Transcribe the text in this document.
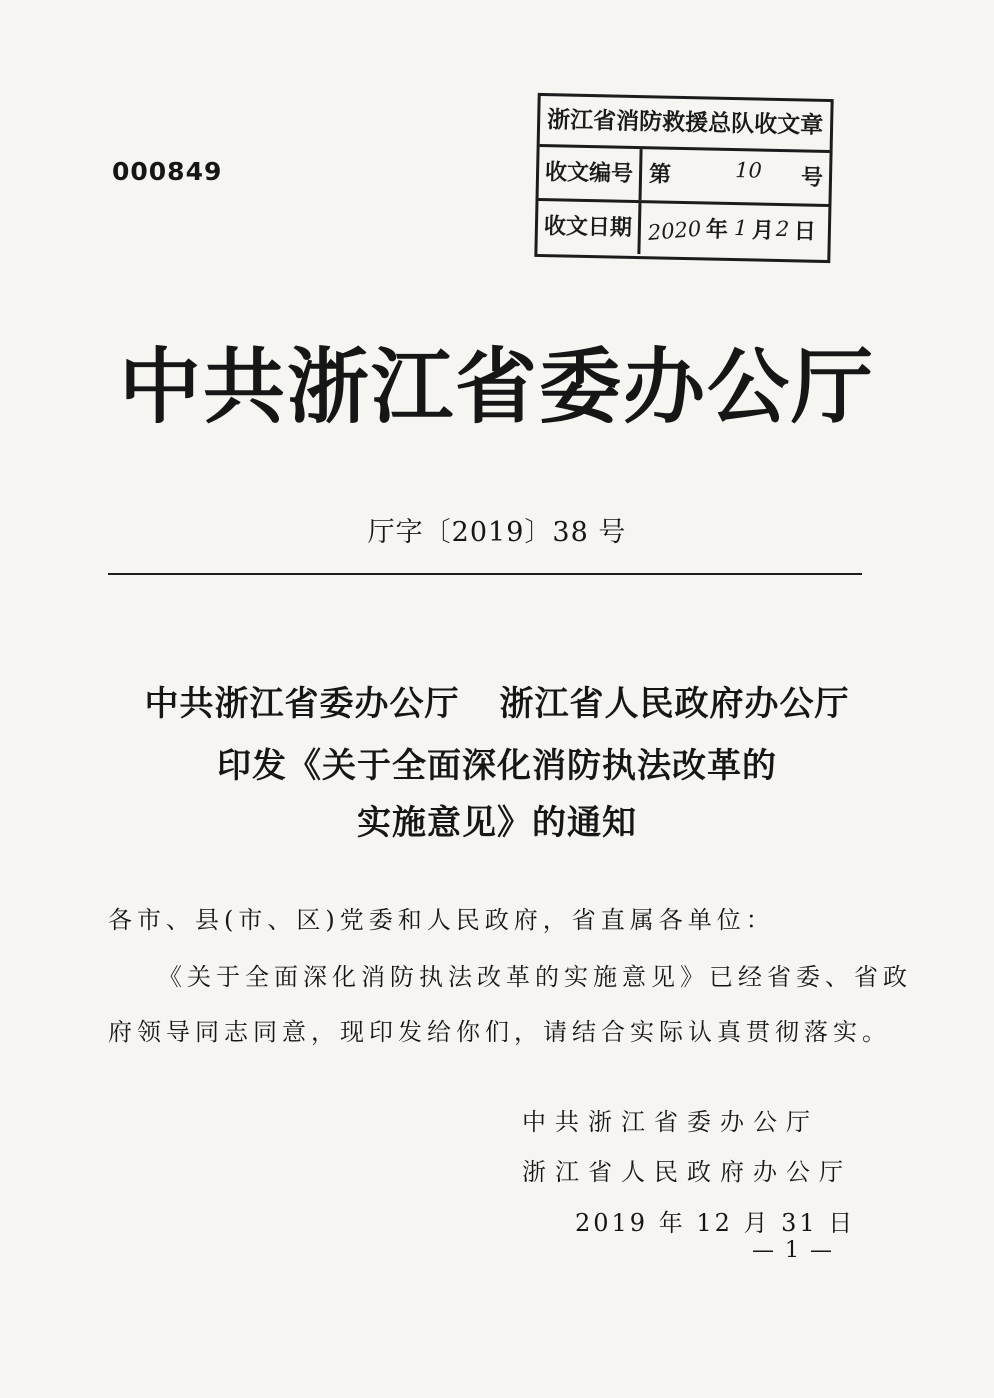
000849
浙江省消防救援总队收文章
收文编号 第	10 号
收文日期 2020 年 1 月 2 日
中共浙江省委办公厅
厅字〔2019〕38 号
中共浙江省委办公厅 浙江省人民政府办公厅
印发《关于全面深化消防执法改革的
实施意见》的通知
各市、县(市、区)党委和人民政府，省直属各单位：
《关于全面深化消防执法改革的实施意见》已经省委、省政
府领导同志同意，现印发给你们，请结合实际认真贯彻落实。
中共浙江省委办公厅
浙江省人民政府办公厅
2019 年 12 月 31 日
— 1 —
